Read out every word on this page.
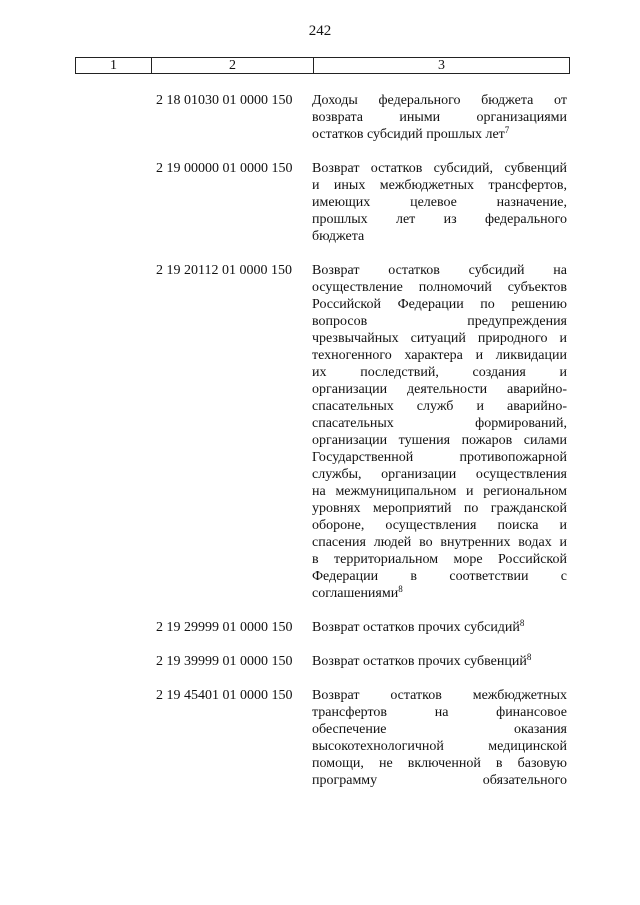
242
1	2	3
2 18 01030 01 0000 150	Доходы федерального бюджета от
возврата иными организациями
остатков субсидий прошлых лет$^7$
2 19 00000 01 0000 150	Возврат остатков субсидий, субвенций
и иных межбюджетных трансфертов,
имеющих целевое назначение,
прошлых лет из федерального
бюджета
2 19 20112 01 0000 150	Возврат остатков субсидий на
осуществление полномочий субъектов
Российской Федерации по решению
вопросов предупреждения
чрезвычайных ситуаций природного и
техногенного характера и ликвидации
их последствий, создания и
организации деятельности аварийно-
спасательных служб и аварийно-
спасательных формирований,
организации тушения пожаров силами
Государственной противопожарной
службы, организации осуществления
на межмуниципальном и региональном
уровнях мероприятий по гражданской
обороне, осуществления поиска и
спасения людей во внутренних водах и
в территориальном море Российской
Федерации в соответствии с
соглашениями$^8$
2 19 29999 01 0000 150	Возврат остатков прочих субсидий$^8$
2 19 39999 01 0000 150	Возврат остатков прочих субвенций$^8$
2 19 45401 01 0000 150	Возврат остатков межбюджетных
трансфертов на финансовое
обеспечение оказания
высокотехнологичной медицинской
помощи, не включенной в базовую
программу обязательного
